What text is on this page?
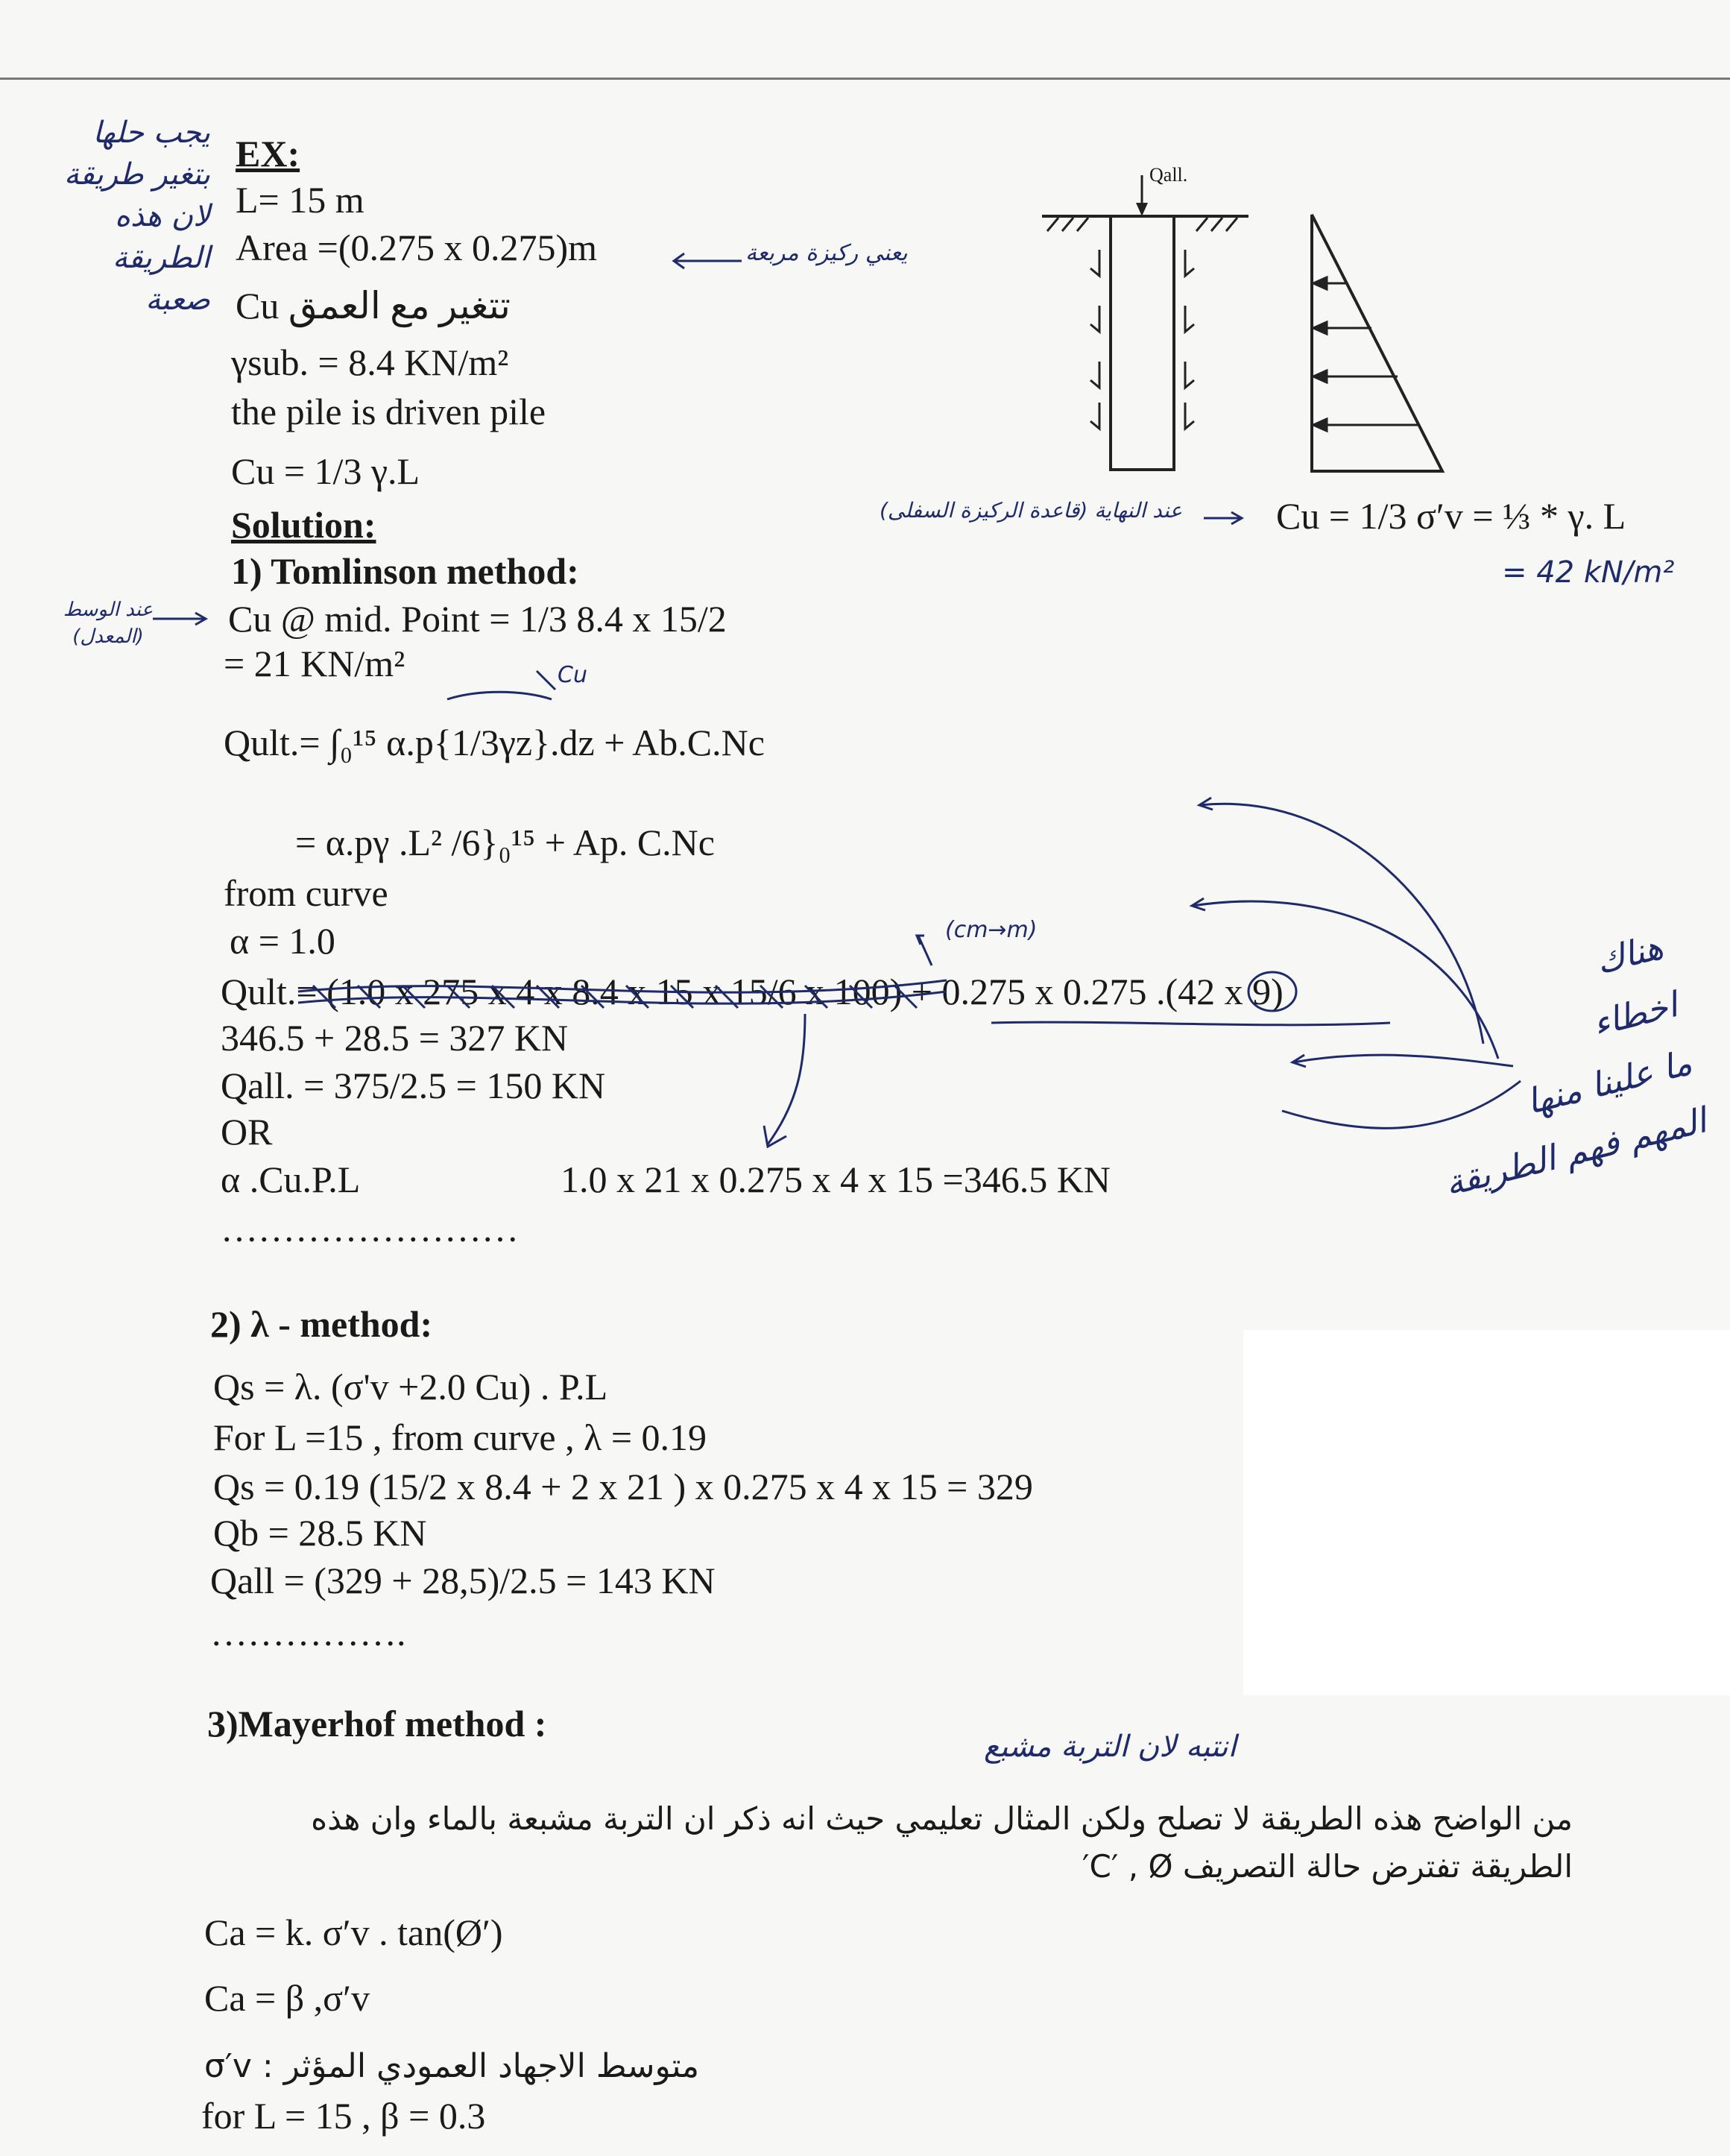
EX:
L= 15 m
Area =(0.275 x 0.275)m
Cu تتغير مع العمق
γsub. = 8.4 KN/m²
the pile is driven pile
Cu = 1/3 γ.L
Solution:
1) Tomlinson method:
Cu @ mid. Point = 1/3 8.4 x 15/2
= 21 KN/m²
Qult.= ∫₀¹⁵ α.p{1/3γz}.dz + Ab.C.Nc
= α.pγ .L² /6}₀¹⁵ + Ap. C.Nc
from curve
α = 1.0
Qult.= (1.0 x 275 x 4 x 8.4 x 15 x 15/6 x 100) + 0.275 x 0.275 .(42 x 9)
346.5 + 28.5 = 327 KN
Qall. = 375/2.5 = 150 KN
OR
α .Cu.P.L	1.0 x 21 x 0.275 x 4 x 15 =346.5 KN
……………………
2) λ - method:
Qs = λ. (σ'v +2.0 Cu) . P.L
For L =15 , from curve , λ = 0.19
Qs = 0.19 (15/2 x 8.4 + 2 x 21 ) x 0.275 x 4 x 15 = 329
Qb = 28.5 KN
Qall = (329 + 28,5)/2.5 = 143 KN
…………….
3)Mayerhof method :
من الواضح هذه الطريقة لا تصلح ولكن المثال تعليمي حيث انه ذكر ان التربة مشبعة بالماء وان هذه
الطريقة تفترض حالة التصريف C′ , Ø′
Ca = k. σ′v . tan(Ø′)
Ca = β ,σ′v
σ′v : متوسط الاجهاد العمودي المؤثر
for L = 15 , β = 0.3
Qall.
Cu = 1/3 σ′v = ⅓ * γ. L
= 42 kN/m²
يجب حلها
بتغير طريقة
لان هذه
الطريقة
صعبة
يعني ركيزة مربعة
عند الوسط
(المعدل)
عند النهاية (قاعدة الركيزة السفلى)
Cu
(cm→m)	هناك
اخطاء
ما علينا منها
المهم فهم الطريقة
انتبه لان التربة مشبع
